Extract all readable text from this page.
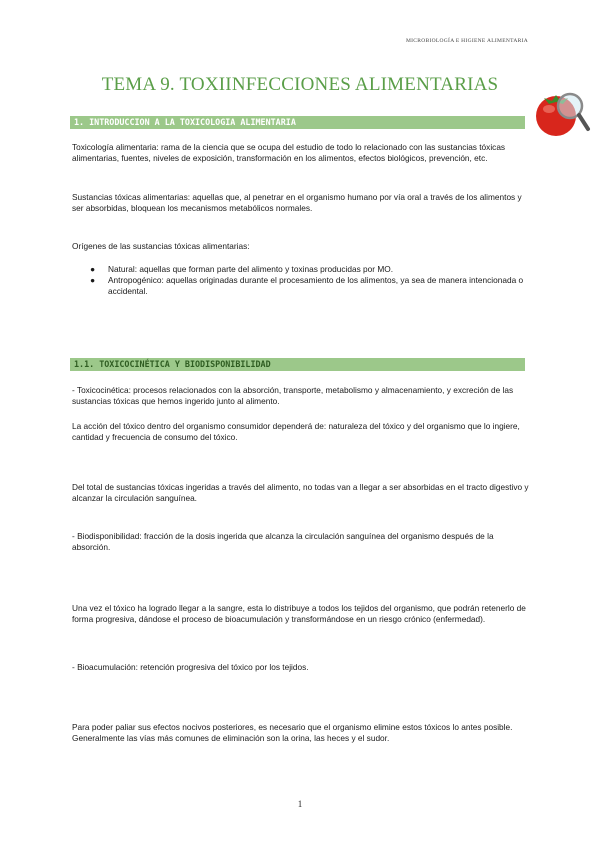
MICROBIOLOGÍA E HIGIENE ALIMENTARIA
TEMA 9. TOXIINFECCIONES ALIMENTARIAS
1. INTRODUCCION A LA TOXICOLOGIA ALIMENTARIA

Toxicología alimentaria: rama de la ciencia que se ocupa del estudio de todo lo relacionado con las sustancias tóxicas alimentarias, fuentes, niveles de exposición, transformación en los alimentos, efectos biológicos, prevención, etc.

Sustancias tóxicas alimentarias: aquellas que, al penetrar en el organismo humano por vía oral a través de los alimentos y ser absorbidas, bloquean los mecanismos metabólicos normales.

Orígenes de las sustancias tóxicas alimentarias:

● Natural: aquellas que forman parte del alimento y toxinas producidas por MO.
● Antropogénico: aquellas originadas durante el procesamiento de los alimentos, ya sea de manera intencionada o accidental.
1.1. TOXICOCINÉTICA Y BIODISPONIBILIDAD

- Toxicocinética: procesos relacionados con la absorción, transporte, metabolismo y almacenamiento, y excreción de las sustancias tóxicas que hemos ingerido junto al alimento.

La acción del tóxico dentro del organismo consumidor dependerá de: naturaleza del tóxico y del organismo que lo ingiere, cantidad y frecuencia de consumo del tóxico.

Del total de sustancias tóxicas ingeridas a través del alimento, no todas van a llegar a ser absorbidas en el tracto digestivo y alcanzar la circulación sanguínea.

- Biodisponibilidad: fracción de la dosis ingerida que alcanza la circulación sanguínea del organismo después de la absorción.

Una vez el tóxico ha logrado llegar a la sangre, esta lo distribuye a todos los tejidos del organismo, que podrán retenerlo de forma progresiva, dándose el proceso de bioacumulación y transformándose en un riesgo crónico (enfermedad).

- Bioacumulación: retención progresiva del tóxico por los tejidos.

Para poder paliar sus efectos nocivos posteriores, es necesario que el organismo elimine estos tóxicos lo antes posible. Generalmente las vías más comunes de eliminación son la orina, las heces y el sudor.

1
